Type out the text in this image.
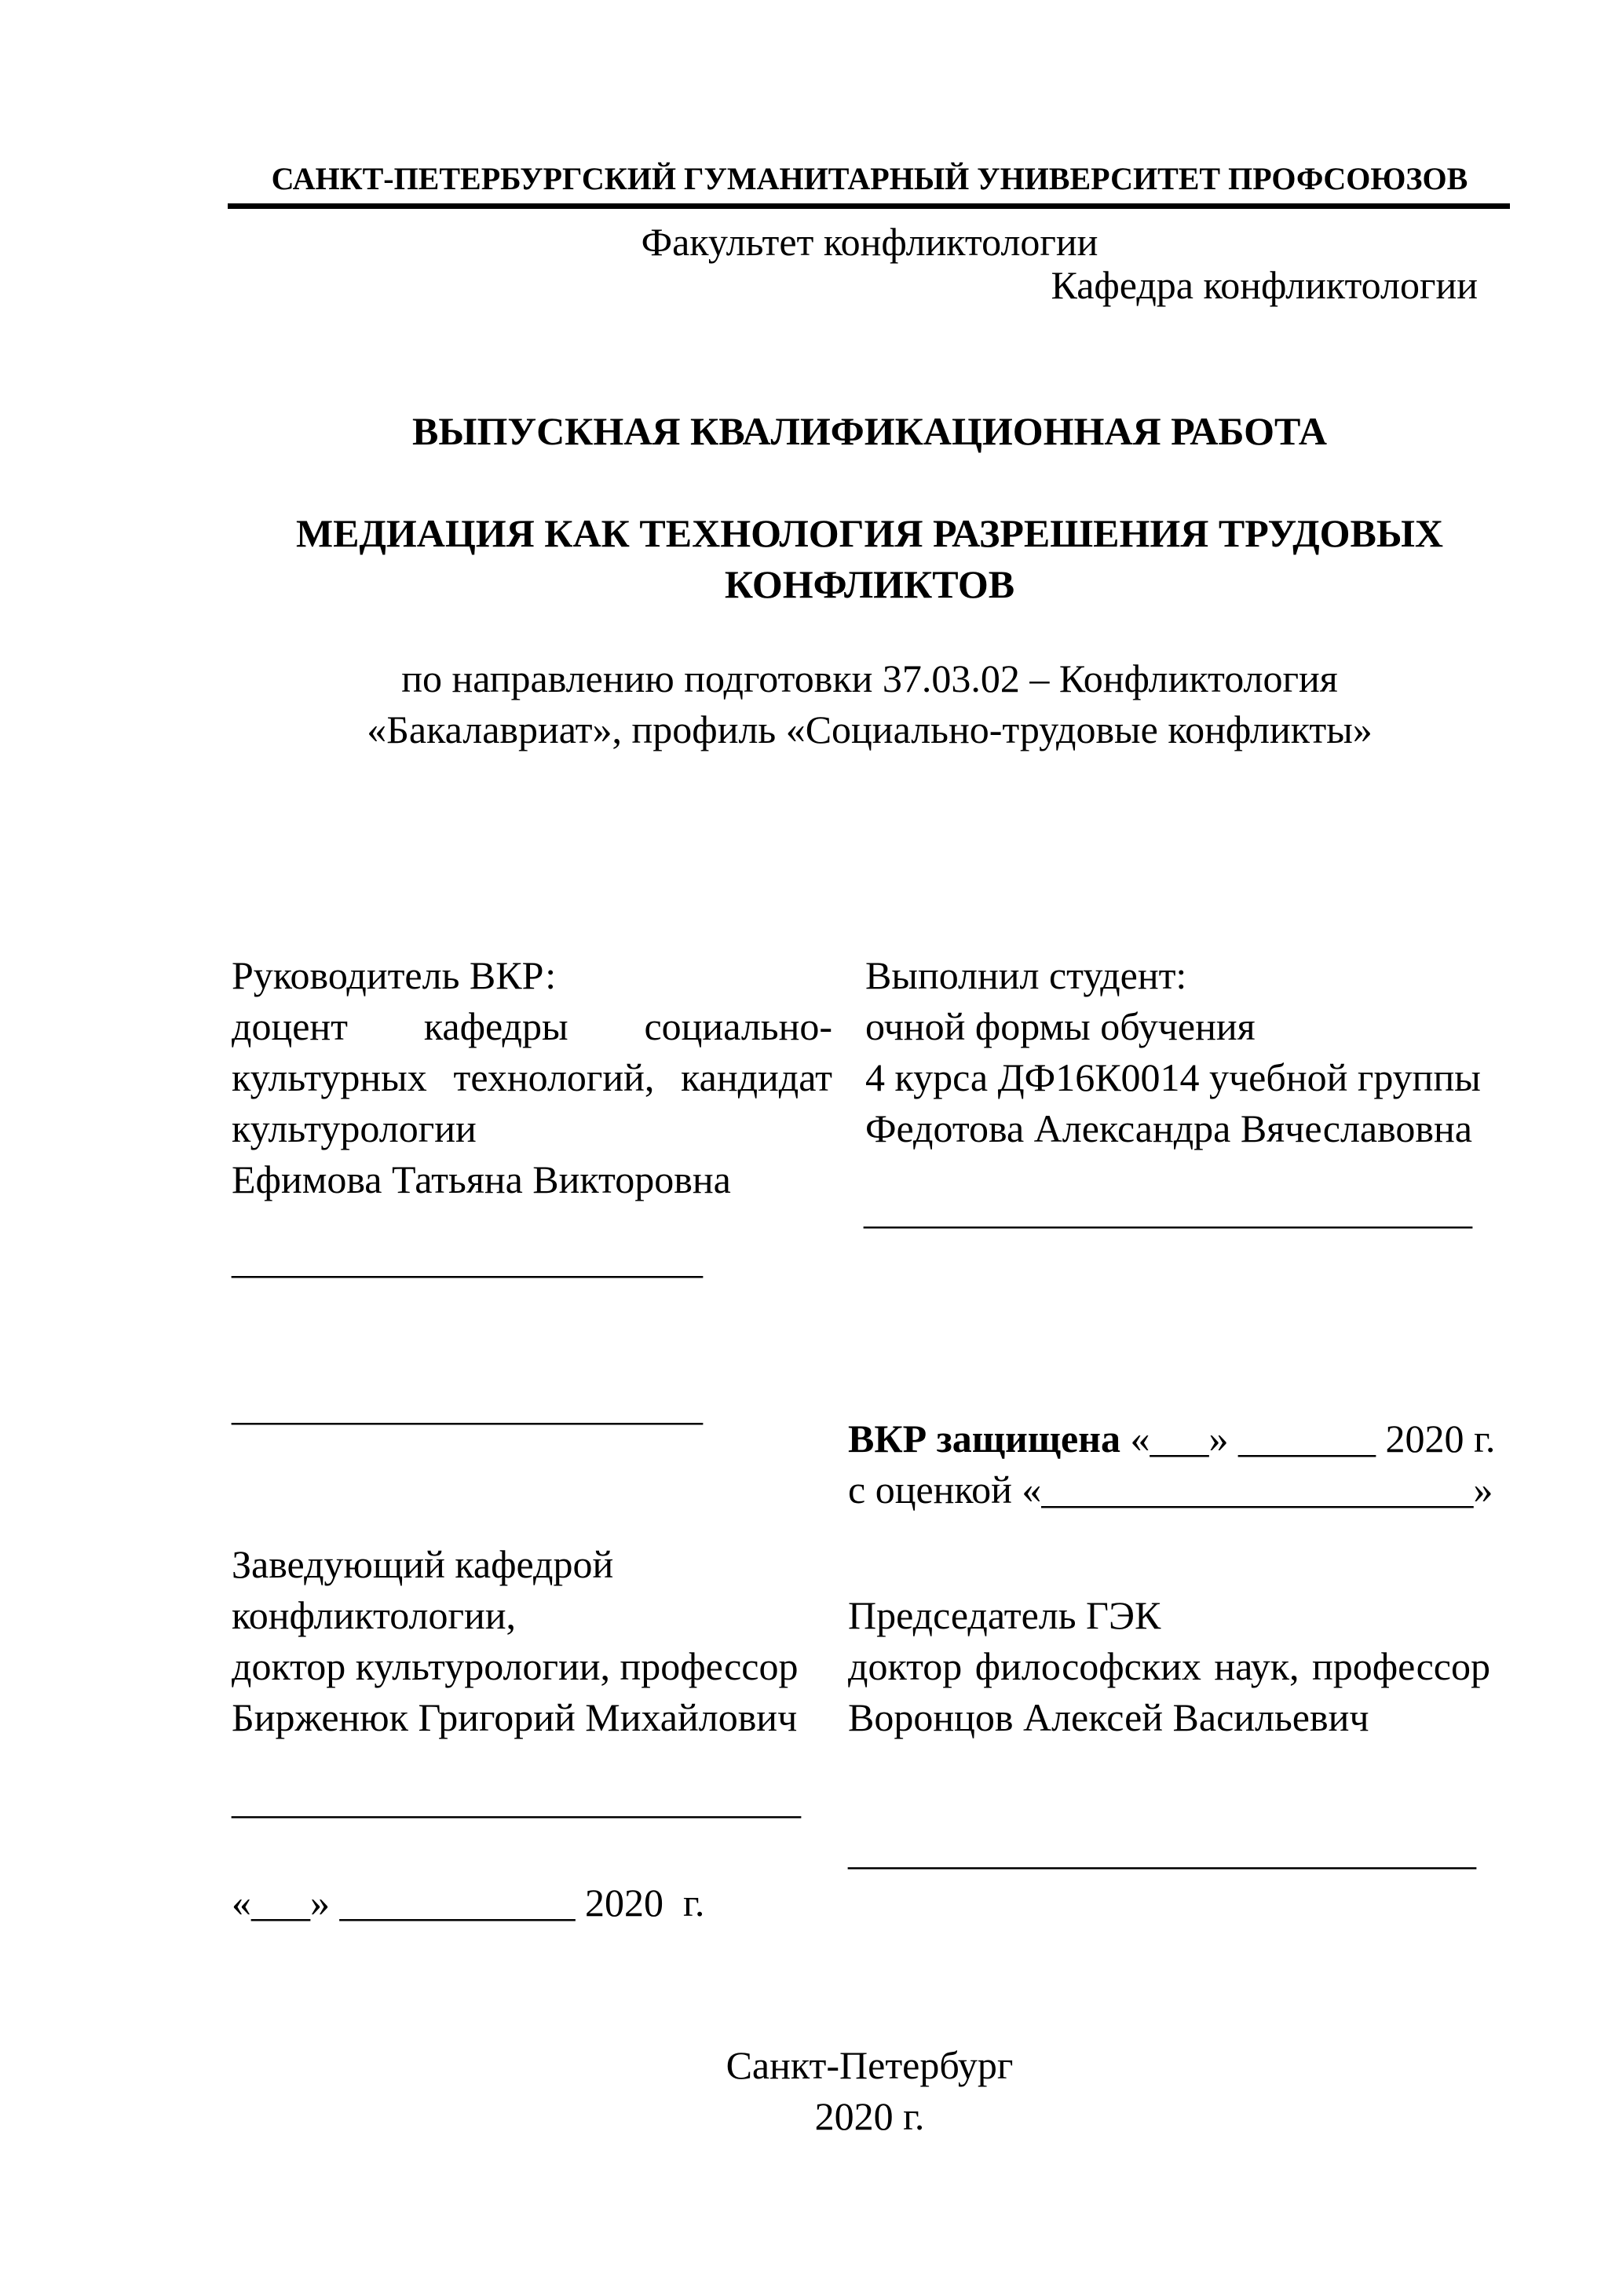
САНКТ-ПЕТЕРБУРГСКИЙ ГУМАНИТАРНЫЙ УНИВЕРСИТЕТ ПРОФСОЮЗОВ
Факультет конфликтологии
Кафедра конфликтологии
ВЫПУСКНАЯ КВАЛИФИКАЦИОННАЯ РАБОТА
МЕДИАЦИЯ КАК ТЕХНОЛОГИЯ РАЗРЕШЕНИЯ ТРУДОВЫХ
КОНФЛИКТОВ
по направлению подготовки 37.03.02 – Конфликтология
«Бакалавриат», профиль «Социально-трудовые конфликты»
Руководитель ВКР:
доцент кафедры социально-
культурных технологий, кандидат
культурологии
Ефимова Татьяна Викторовна
________________________
________________________
Выполнил студент:
очной формы обучения
4 курса ДФ16К0014 учебной группы
Федотова Александра Вячеславовна
_______________________________
ВКР защищена «___» _______ 2020 г.
с оценкой «______________________»
Заведующий кафедрой
конфликтологии,
доктор культурологии, профессор
Бирженюк Григорий Михайлович
_____________________________
«___» ____________ 2020  г.
Председатель ГЭК
доктор философских наук, профессор
Воронцов Алексей Васильевич
________________________________
Санкт-Петербург
2020 г.
